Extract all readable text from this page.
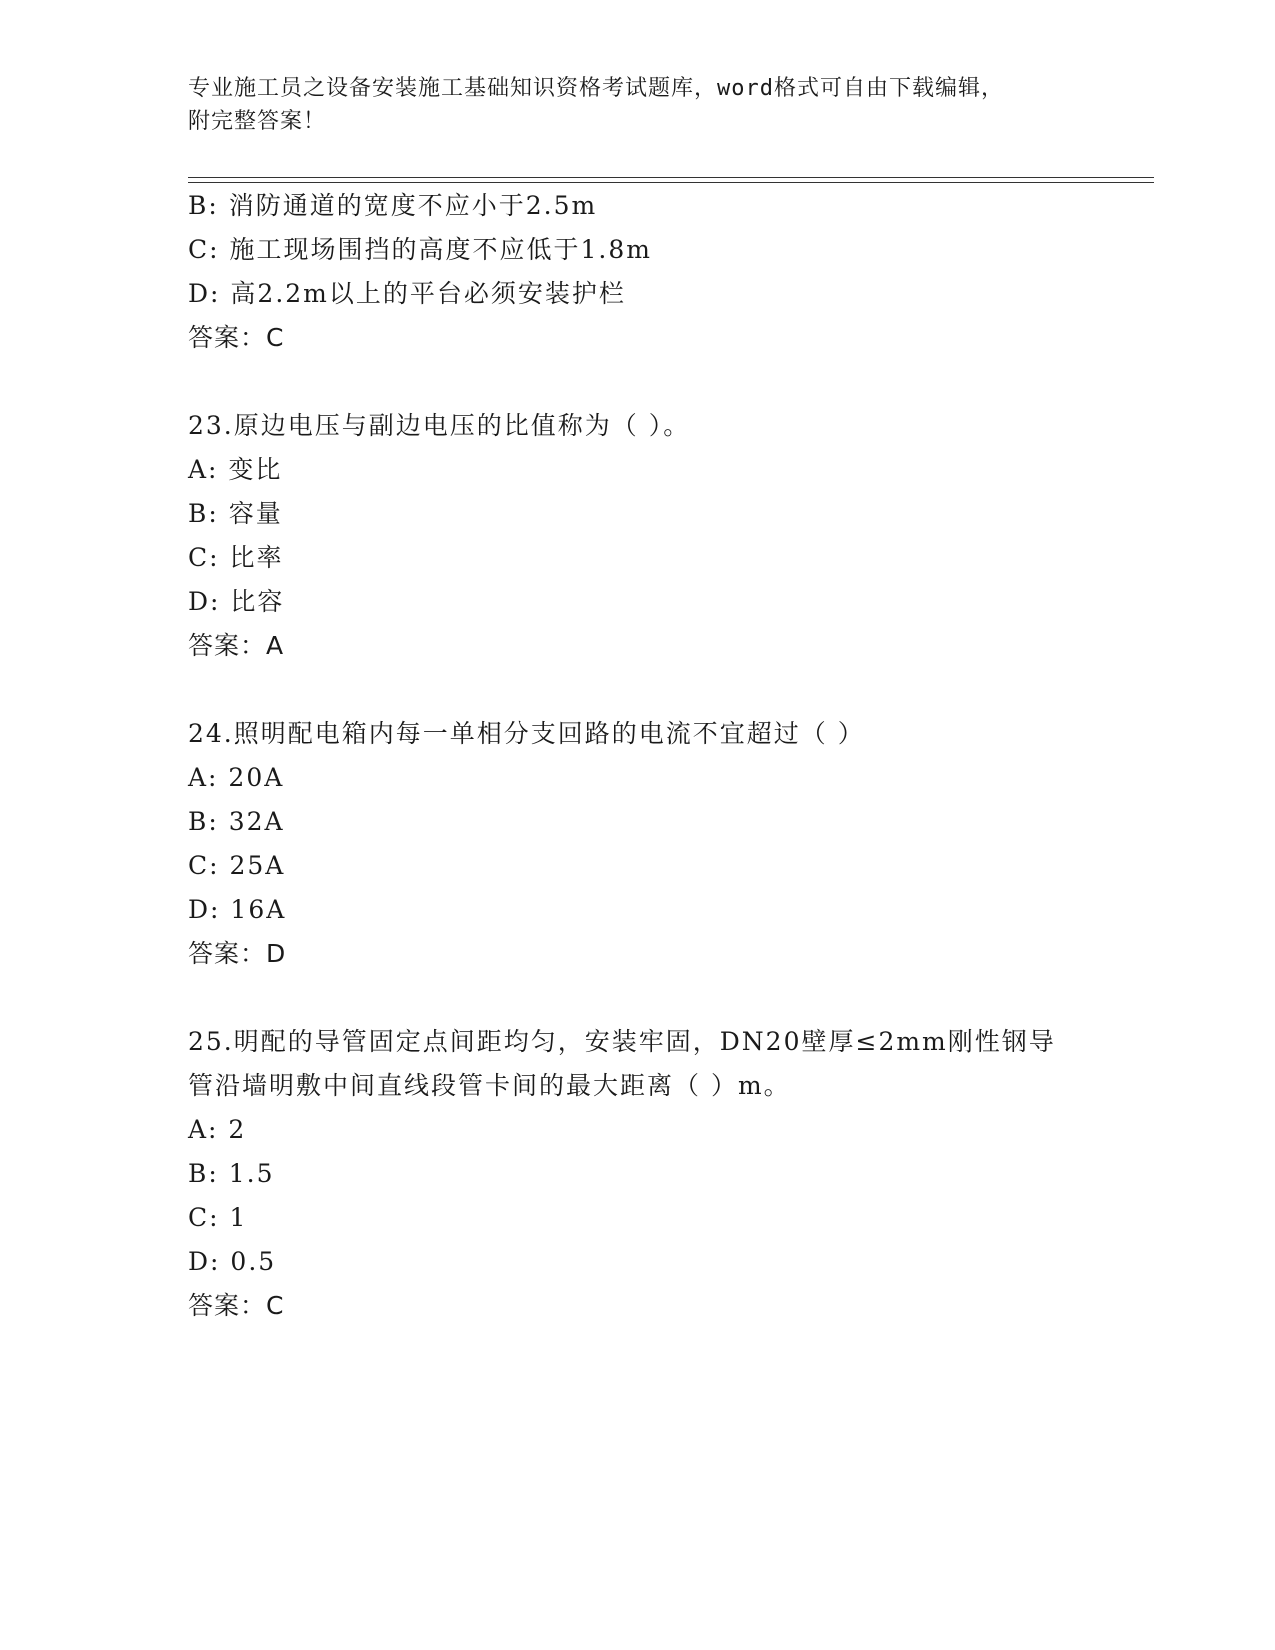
专业施工员之设备安装施工基础知识资格考试题库，word格式可自由下载编辑，
附完整答案！
B: 消防通道的宽度不应小于2.5m
C: 施工现场围挡的高度不应低于1.8m
D: 高2.2m以上的平台必须安装护栏
答案：C
23.原边电压与副边电压的比值称为（ ）。
A: 变比
B: 容量
C: 比率
D: 比容
答案：A
24.照明配电箱内每一单相分支回路的电流不宜超过（ ）
A: 20A
B: 32A
C: 25A
D: 16A
答案：D
25.明配的导管固定点间距均匀，安装牢固，DN20壁厚≤2mm刚性钢导
管沿墙明敷中间直线段管卡间的最大距离（ ）m。
A: 2
B: 1.5
C: 1
D: 0.5
答案：C
